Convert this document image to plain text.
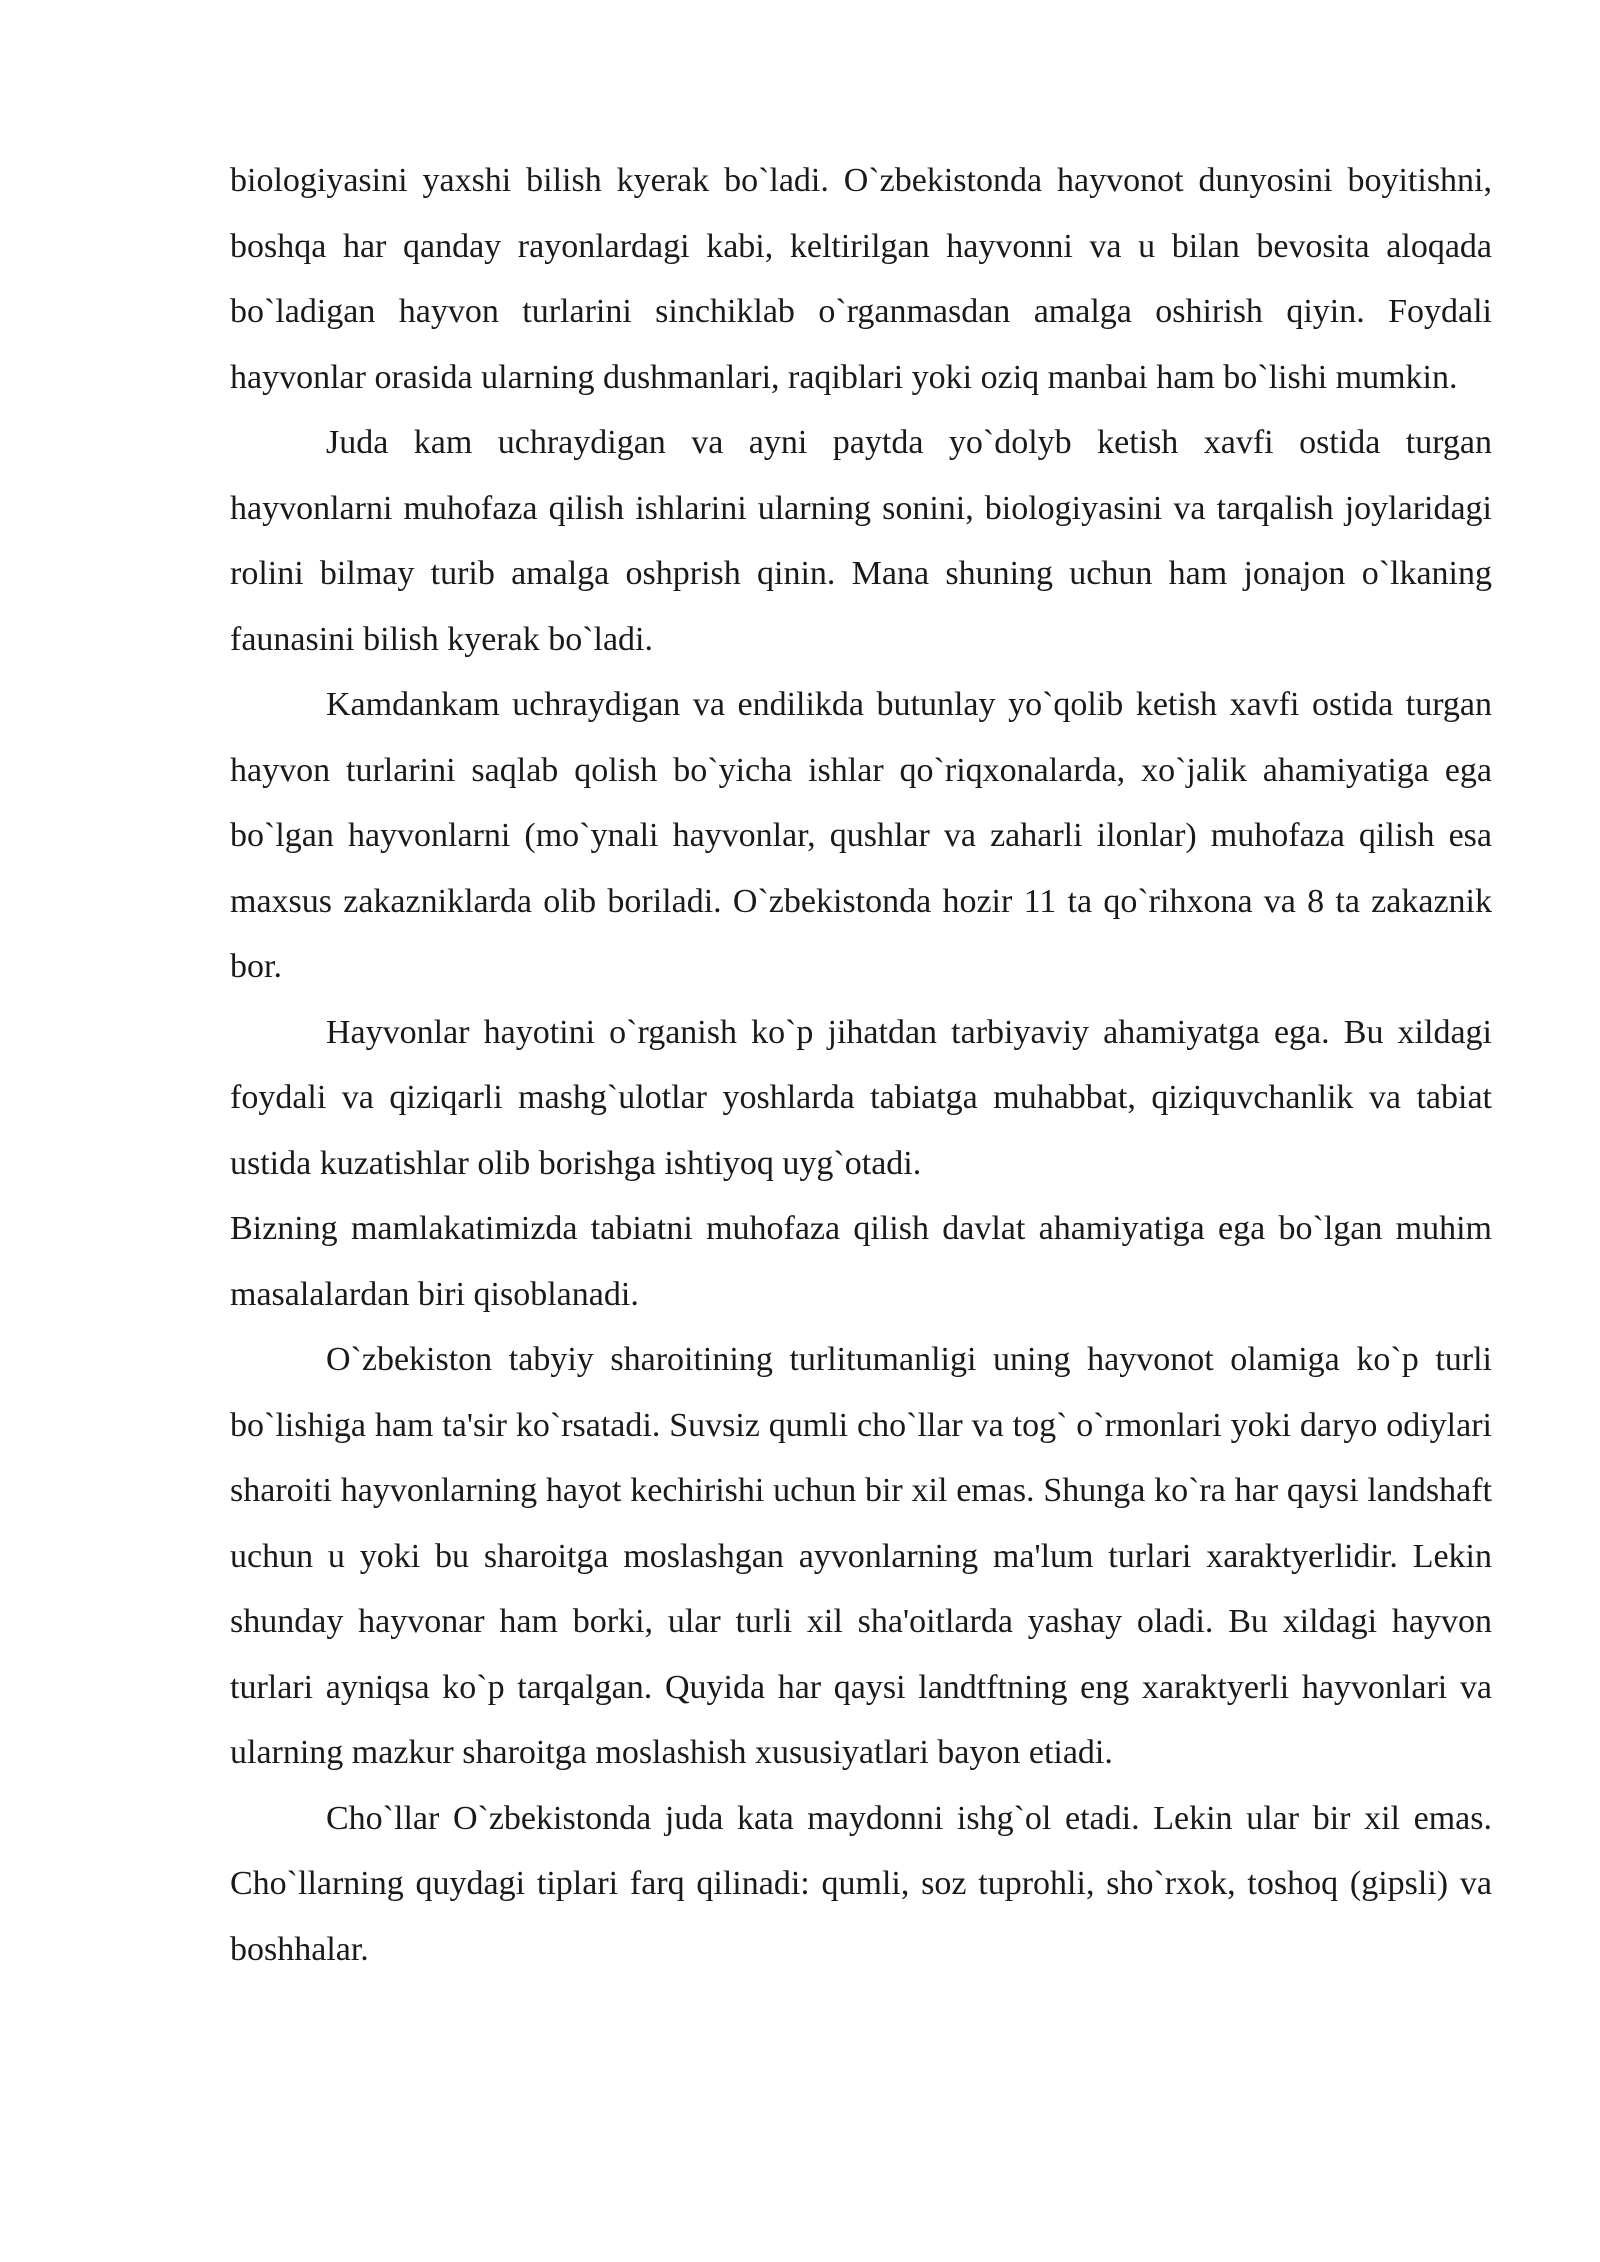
biologiyasini yaxshi bilish kyerak bo`ladi. O`zbekistonda hayvonot dunyosini boyitishni, boshqa har qanday rayonlardagi kabi, keltirilgan hayvonni va u bilan bevosita aloqada bo`ladigan hayvon turlarini sinchiklab o`rganmasdan amalga oshirish qiyin. Foydali hayvonlar orasida ularning dushmanlari, raqiblari yoki oziq manbai ham bo`lishi mumkin.

Juda kam uchraydigan va ayni paytda yo`dolyb ketish xavfi ostida turgan hayvonlarni muhofaza qilish ishlarini ularning sonini, biologiyasini va tarqalish joylaridagi rolini bilmay turib amalga oshprish qinin. Mana shuning uchun ham jonajon o`lkaning faunasini bilish kyerak bo`ladi.

Kamdankam uchraydigan va endilikda butunlay yo`qolib ketish xavfi ostida turgan hayvon turlarini saqlab qolish bo`yicha ishlar qo`riqxonalarda, xo`jalik ahamiyatiga ega bo`lgan hayvonlarni (mo`ynali hayvonlar, qushlar va zaharli ilonlar) muhofaza qilish esa maxsus zakazniklarda olib boriladi. O`zbekistonda hozir 11 ta qo`rihxona va 8 ta zakaznik bor.

Hayvonlar hayotini o`rganish ko`p jihatdan tarbiyaviy ahamiyatga ega. Bu xildagi foydali va qiziqarli mashg`ulotlar yoshlarda tabiatga muhabbat, qiziquvchanlik va tabiat ustida kuzatishlar olib borishga ishtiyoq uyg`otadi.

Bizning mamlakatimizda tabiatni muhofaza qilish davlat ahamiyatiga ega bo`lgan muhim masalalardan biri qisoblanadi.

O`zbekiston tabyiy sharoitining turlitumanligi uning hayvonot olamiga ko`p turli bo`lishiga ham ta'sir ko`rsatadi. Suvsiz qumli cho`llar va tog` o`rmonlari yoki daryo odiylari sharoiti hayvonlarning hayot kechirishi uchun bir xil emas. Shunga ko`ra har qaysi landshaft uchun u yoki bu sharoitga moslashgan ayvonlarning ma'lum turlari xaraktyerlidir. Lekin shunday hayvonar ham borki, ular turli xil sha'oitlarda yashay oladi. Bu xildagi hayvon turlari ayniqsa ko`p tarqalgan. Quyida har qaysi landtftning eng xaraktyerli hayvonlari va ularning mazkur sharoitga moslashish xususiyatlari bayon etiadi.

Cho`llar O`zbekistonda juda kata maydonni ishg`ol etadi. Lekin ular bir xil emas. Cho`llarning quydagi tiplari farq qilinadi: qumli, soz tuprohli, sho`rxok, toshoq (gipsli) va boshhalar.
